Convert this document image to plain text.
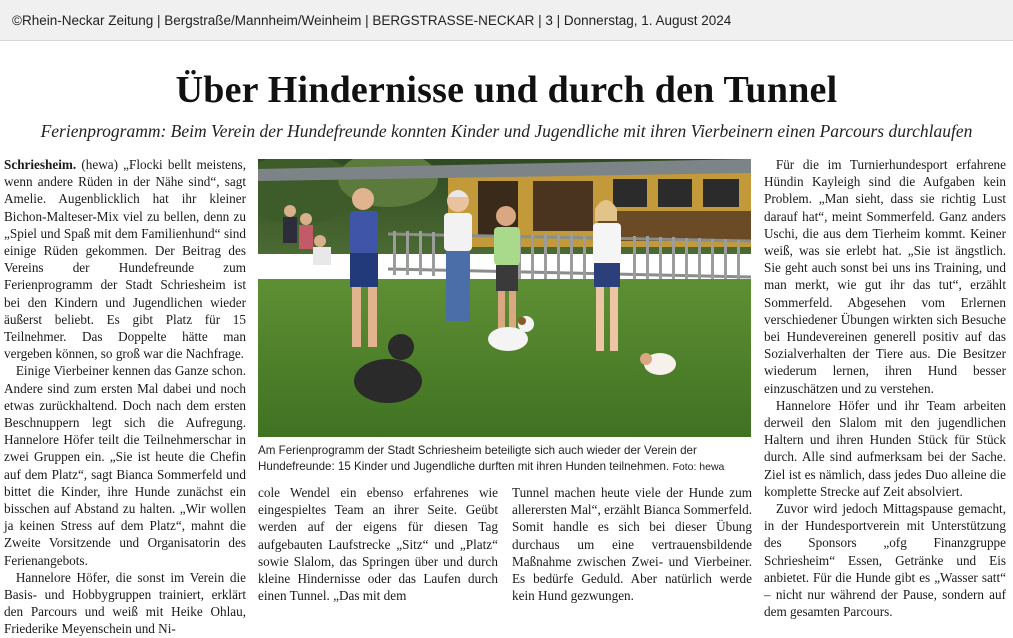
©Rhein-Neckar Zeitung | Bergstraße/Mannheim/Weinheim | BERGSTRASSE-NECKAR | 3 | Donnerstag, 1. August 2024
Über Hindernisse und durch den Tunnel
Ferienprogramm: Beim Verein der Hundefreunde konnten Kinder und Jugendliche mit ihren Vierbeinern einen Parcours durchlaufen

Schriesheim. (hewa) „Flocki bellt meistens, wenn andere Rüden in der Nähe sind“, sagt Amelie. Augenblicklich hat ihr kleiner Bichon-Malteser-Mix viel zu bellen, denn zu „Spiel und Spaß mit dem Familienhund“ sind einige Rüden gekommen. Der Beitrag des Vereins der Hundefreunde zum Ferienprogramm der Stadt Schriesheim ist bei den Kindern und Jugendlichen wieder äußerst beliebt. Es gibt Platz für 15 Teilnehmer. Das Doppelte hätte man vergeben können, so groß war die Nachfrage.

Einige Vierbeiner kennen das Ganze schon. Andere sind zum ersten Mal dabei und noch etwas zurückhaltend. Doch nach dem ersten Beschnuppern legt sich die Aufregung. Hannelore Höfer teilt die Teilnehmerschar in zwei Gruppen ein. „Sie ist heute die Chefin auf dem Platz“, sagt Bianca Sommerfeld und bittet die Kinder, ihre Hunde zunächst ein bisschen auf Abstand zu halten. „Wir wollen ja keinen Stress auf dem Platz“, mahnt die Zweite Vorsitzende und Organisatorin des Ferienangebots.

Hannelore Höfer, die sonst im Verein die Basis- und Hobbygruppen trainiert, erklärt den Parcours und weiß mit Heike Ohlau, Friederike Meyenschein und Ni-

Am Ferienprogramm der Stadt Schriesheim beteiligte sich auch wieder der Verein der Hundefreunde: 15 Kinder und Jugendliche durften mit ihren Hunden teilnehmen. Foto: hewa

cole Wendel ein ebenso erfahrenes wie eingespieltes Team an ihrer Seite. Geübt werden auf der eigens für diesen Tag aufgebauten Laufstrecke „Sitz“ und „Platz“ sowie Slalom, das Springen über und durch kleine Hindernisse oder das Laufen durch einen Tunnel. „Das mit dem

Tunnel machen heute viele der Hunde zum allerersten Mal“, erzählt Bianca Sommerfeld. Somit handle es sich bei dieser Übung durchaus um eine vertrauensbildende Maßnahme zwischen Zwei- und Vierbeiner. Es bedürfe Geduld. Aber natürlich werde kein Hund gezwungen.

Für die im Turnierhundesport erfahrene Hündin Kayleigh sind die Aufgaben kein Problem. „Man sieht, dass sie richtig Lust darauf hat“, meint Sommerfeld. Ganz anders Uschi, die aus dem Tierheim kommt. Keiner weiß, was sie erlebt hat. „Sie ist ängstlich. Sie geht auch sonst bei uns ins Training, und man merkt, wie gut ihr das tut“, erzählt Sommerfeld. Abgesehen vom Erlernen verschiedener Übungen wirkten sich Besuche bei Hundevereinen generell positiv auf das Sozialverhalten der Tiere aus. Die Besitzer wiederum lernen, ihren Hund besser einzuschätzen und zu verstehen.

Hannelore Höfer und ihr Team arbeiten derweil den Slalom mit den jugendlichen Haltern und ihren Hunden Stück für Stück durch. Alle sind aufmerksam bei der Sache. Ziel ist es nämlich, dass jedes Duo alleine die komplette Strecke auf Zeit absolviert.

Zuvor wird jedoch Mittagspause gemacht, in der Hundesportverein mit Unterstützung des Sponsors „ofg Finanzgruppe Schriesheim“ Essen, Getränke und Eis anbietet. Für die Hunde gibt es „Wasser satt“ – nicht nur während der Pause, sondern auf dem gesamten Parcours.
